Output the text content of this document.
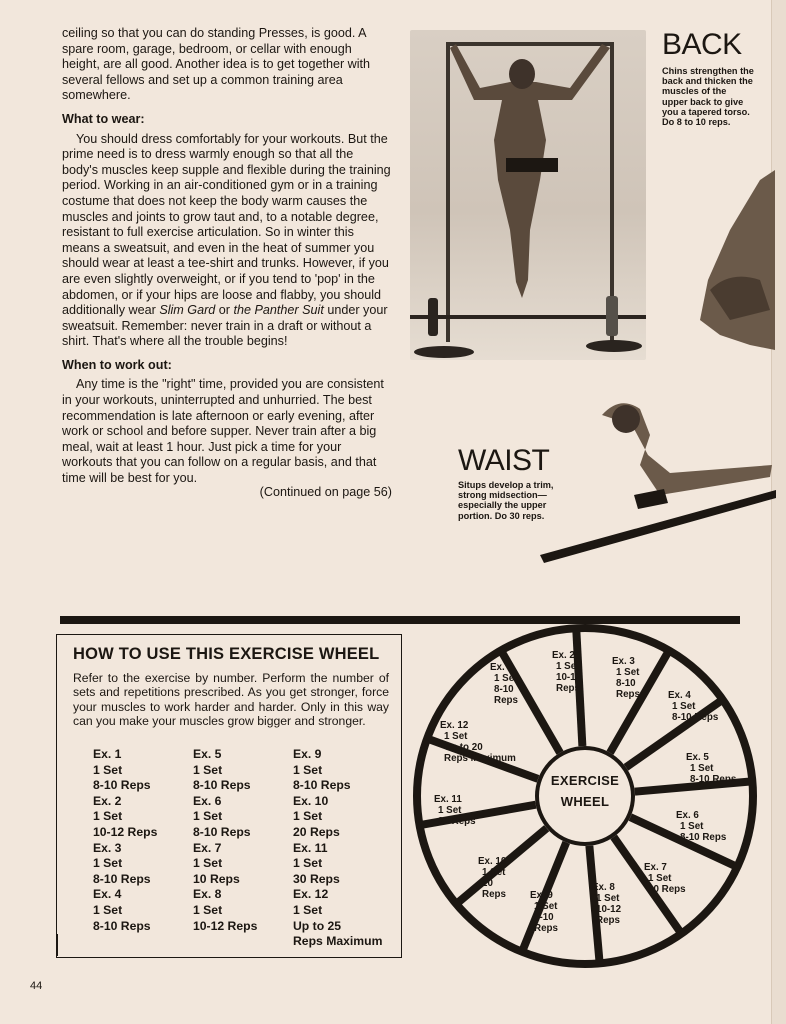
ceiling so that you can do standing Presses, is good. A spare room, garage, bedroom, or cellar with enough height, are all good. Another idea is to get together with several fellows and set up a common training area somewhere.

What to wear:

You should dress comfortably for your workouts. But the prime need is to dress warmly enough so that all the body's muscles keep supple and flexible during the training period. Working in an air-conditioned gym or in a training costume that does not keep the body warm causes the muscles and joints to grow taut and, to a notable degree, resistant to full exercise articulation. So in winter this means a sweatsuit, and even in the heat of summer you should wear at least a tee-shirt and trunks. However, if you are even slightly overweight, or if you tend to 'pop' in the abdomen, or if your hips are loose and flabby, you should additionally wear Slim Gard or the Panther Suit under your sweatsuit. Remember: never train in a draft or without a shirt. That's where all the trouble begins!

When to work out:

Any time is the "right" time, provided you are consistent in your workouts, uninterrupted and unhurried. The best recommendation is late afternoon or early evening, after work or school and before supper. Never train after a big meal, wait at least 1 hour. Just pick a time for your workouts that you can follow on a regular basis, and that time will be best for you.

(Continued on page 56)

BACK
Chins strengthen the back and thicken the muscles of the upper back to give you a tapered torso. Do 8 to 10 reps.
WAIST
Situps develop a trim, strong midsection—especially the upper portion. Do 30 reps.
HOW TO USE THIS EXERCISE WHEEL
Refer to the exercise by number. Perform the number of sets and repetitions prescribed. As you get stronger, force your muscles to work harder and harder. Only in this way can you make your muscles grow bigger and stronger.
Ex. 1
1 Set
8-10 Reps
Ex. 2
1 Set
10-12 Reps
Ex. 3
1 Set
8-10 Reps
Ex. 4
1 Set
8-10 Reps
Ex. 5
1 Set
8-10 Reps
Ex. 6
1 Set
8-10 Reps
Ex. 7
1 Set
10 Reps
Ex. 8
1 Set
10-12 Reps
Ex. 9
1 Set
8-10 Reps
Ex. 10
1 Set
20 Reps
Ex. 11
1 Set
30 Reps
Ex. 12
1 Set
Up to 25
Reps Maximum
EXERCISE
WHEEL
Ex. 1 1 Set 8-10 Reps
Ex. 2 1 Set 10-12 Reps
Ex. 3 1 Set 8-10 Reps	Ex. 4 1 Set 8-10 Reps
Ex. 5 1 Set 8-10 Reps
Ex. 6 1 Set 8-10 Reps
Ex. 7 1 Set 10 Reps
Ex. 8 1 Set 10-12 Reps
Ex. 9 1 Set 8-10 Reps
Ex. 10 1 Set 20 Reps
Ex. 11 1 Set 30 Reps
Ex. 12 1 Set Up to 20 Reps Maximum
44
